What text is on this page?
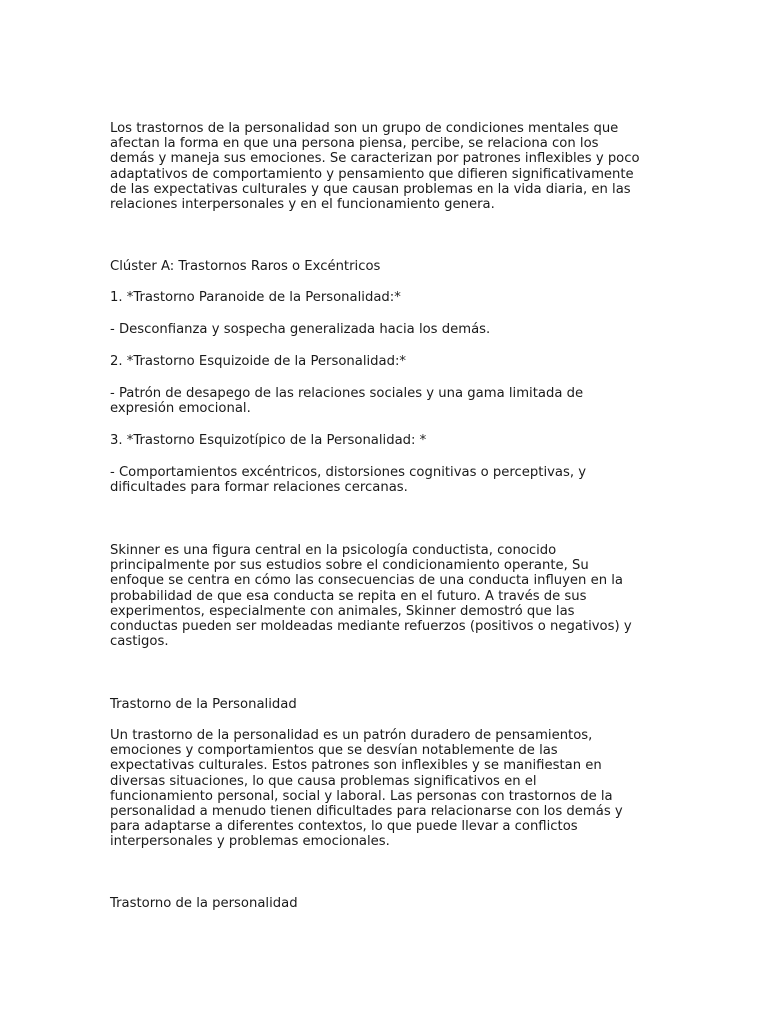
Los trastornos de la personalidad son un grupo de condiciones mentales que
afectan la forma en que una persona piensa, percibe, se relaciona con los
demás y maneja sus emociones. Se caracterizan por patrones inflexibles y poco
adaptativos de comportamiento y pensamiento que difieren significativamente
de las expectativas culturales y que causan problemas en la vida diaria, en las
relaciones interpersonales y en el funcionamiento genera.

Clúster A: Trastornos Raros o Excéntricos

1. *Trastorno Paranoide de la Personalidad:*

- Desconfianza y sospecha generalizada hacia los demás.

2. *Trastorno Esquizoide de la Personalidad:*

- Patrón de desapego de las relaciones sociales y una gama limitada de
expresión emocional.

3. *Trastorno Esquizotípico de la Personalidad: *

- Comportamientos excéntricos, distorsiones cognitivas o perceptivas, y
dificultades para formar relaciones cercanas.

Skinner es una figura central en la psicología conductista, conocido
principalmente por sus estudios sobre el condicionamiento operante, Su
enfoque se centra en cómo las consecuencias de una conducta influyen en la
probabilidad de que esa conducta se repita en el futuro. A través de sus
experimentos, especialmente con animales, Skinner demostró que las
conductas pueden ser moldeadas mediante refuerzos (positivos o negativos) y
castigos.

Trastorno de la Personalidad

Un trastorno de la personalidad es un patrón duradero de pensamientos,
emociones y comportamientos que se desvían notablemente de las
expectativas culturales. Estos patrones son inflexibles y se manifiestan en
diversas situaciones, lo que causa problemas significativos en el
funcionamiento personal, social y laboral. Las personas con trastornos de la
personalidad a menudo tienen dificultades para relacionarse con los demás y
para adaptarse a diferentes contextos, lo que puede llevar a conflictos
interpersonales y problemas emocionales.

Trastorno de la personalidad
